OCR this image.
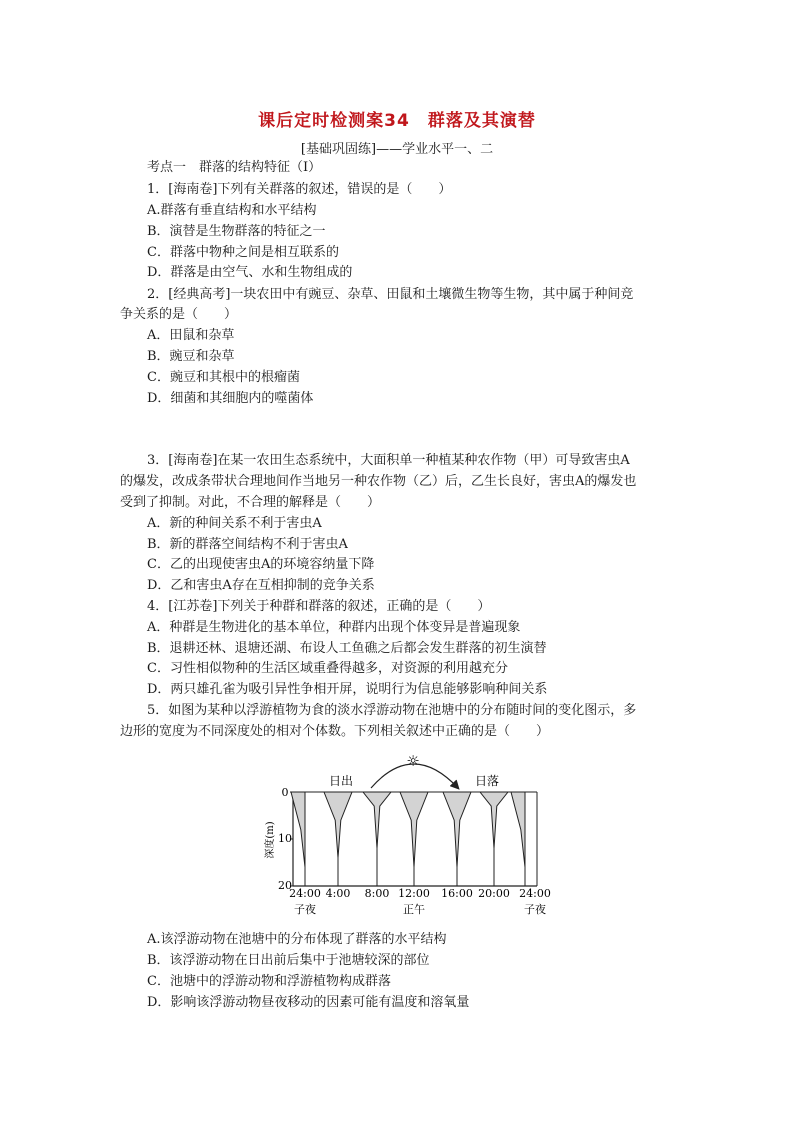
课后定时检测案34　群落及其演替
[基础巩固练]——学业水平一、二
考点一　群落的结构特征（Ⅰ）
1．[海南卷]下列有关群落的叙述，错误的是（　　）
A.群落有垂直结构和水平结构
B．演替是生物群落的特征之一
C．群落中物种之间是相互联系的
D．群落是由空气、水和生物组成的
2．[经典高考]一块农田中有豌豆、杂草、田鼠和土壤微生物等生物，其中属于种间竞
争关系的是（　　）
A．田鼠和杂草
B．豌豆和杂草
C．豌豆和其根中的根瘤菌
D．细菌和其细胞内的噬菌体
3．[海南卷]在某一农田生态系统中，大面积单一种植某种农作物（甲）可导致害虫A
的爆发，改成条带状合理地间作当地另一种农作物（乙）后，乙生长良好，害虫A的爆发也
受到了抑制。对此，不合理的解释是（　　）
A．新的种间关系不利于害虫A
B．新的群落空间结构不利于害虫A
C．乙的出现使害虫A的环境容纳量下降
D．乙和害虫A存在互相抑制的竞争关系
4．[江苏卷]下列关于种群和群落的叙述，正确的是（　　）
A．种群是生物进化的基本单位，种群内出现个体变异是普遍现象
B．退耕还林、退塘还湖、布设人工鱼礁之后都会发生群落的初生演替
C．习性相似物种的生活区域重叠得越多，对资源的利用越充分
D．两只雄孔雀为吸引异性争相开屏，说明行为信息能够影响种间关系
5．如图为某种以浮游植物为食的淡水浮游动物在池塘中的分布随时间的变化图示，多
边形的宽度为不同深度处的相对个体数。下列相关叙述中正确的是（　　）
☼
日出	日落
0
10
20
深度(m)
24:00 4:00 8:00 12:00 16:00 20:00 24:00
子夜	正午	子夜
A.该浮游动物在池塘中的分布体现了群落的水平结构
B．该浮游动物在日出前后集中于池塘较深的部位
C．池塘中的浮游动物和浮游植物构成群落
D．影响该浮游动物昼夜移动的因素可能有温度和溶氧量
